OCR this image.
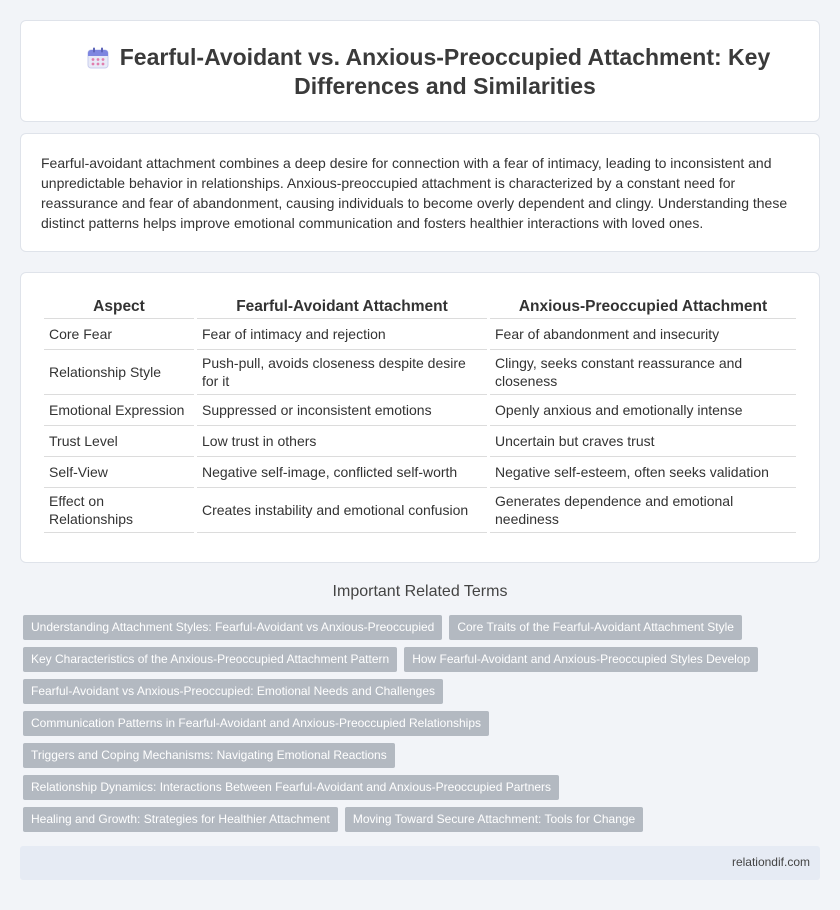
Fearful-Avoidant vs. Anxious-Preoccupied Attachment: Key Differences and Similarities

Fearful-avoidant attachment combines a deep desire for connection with a fear of intimacy, leading to inconsistent and unpredictable behavior in relationships. Anxious-preoccupied attachment is characterized by a constant need for reassurance and fear of abandonment, causing individuals to become overly dependent and clingy. Understanding these distinct patterns helps improve emotional communication and fosters healthier interactions with loved ones.

Aspect	Fearful-Avoidant Attachment	Anxious-Preoccupied Attachment
Core Fear	Fear of intimacy and rejection	Fear of abandonment and insecurity
Relationship Style	Push-pull, avoids closeness despite desire for it	Clingy, seeks constant reassurance and closeness
Emotional Expression	Suppressed or inconsistent emotions	Openly anxious and emotionally intense
Trust Level	Low trust in others	Uncertain but craves trust
Self-View	Negative self-image, conflicted self-worth	Negative self-esteem, often seeks validation
Effect on Relationships	Creates instability and emotional confusion	Generates dependence and emotional neediness
Important Related Terms
Understanding Attachment Styles: Fearful-Avoidant vs Anxious-Preoccupied Core Traits of the Fearful-Avoidant Attachment Style
Key Characteristics of the Anxious-Preoccupied Attachment Pattern How Fearful-Avoidant and Anxious-Preoccupied Styles Develop
Fearful-Avoidant vs Anxious-Preoccupied: Emotional Needs and Challenges
Communication Patterns in Fearful-Avoidant and Anxious-Preoccupied Relationships
Triggers and Coping Mechanisms: Navigating Emotional Reactions
Relationship Dynamics: Interactions Between Fearful-Avoidant and Anxious-Preoccupied Partners
Healing and Growth: Strategies for Healthier Attachment Moving Toward Secure Attachment: Tools for Change
relationdif.com
